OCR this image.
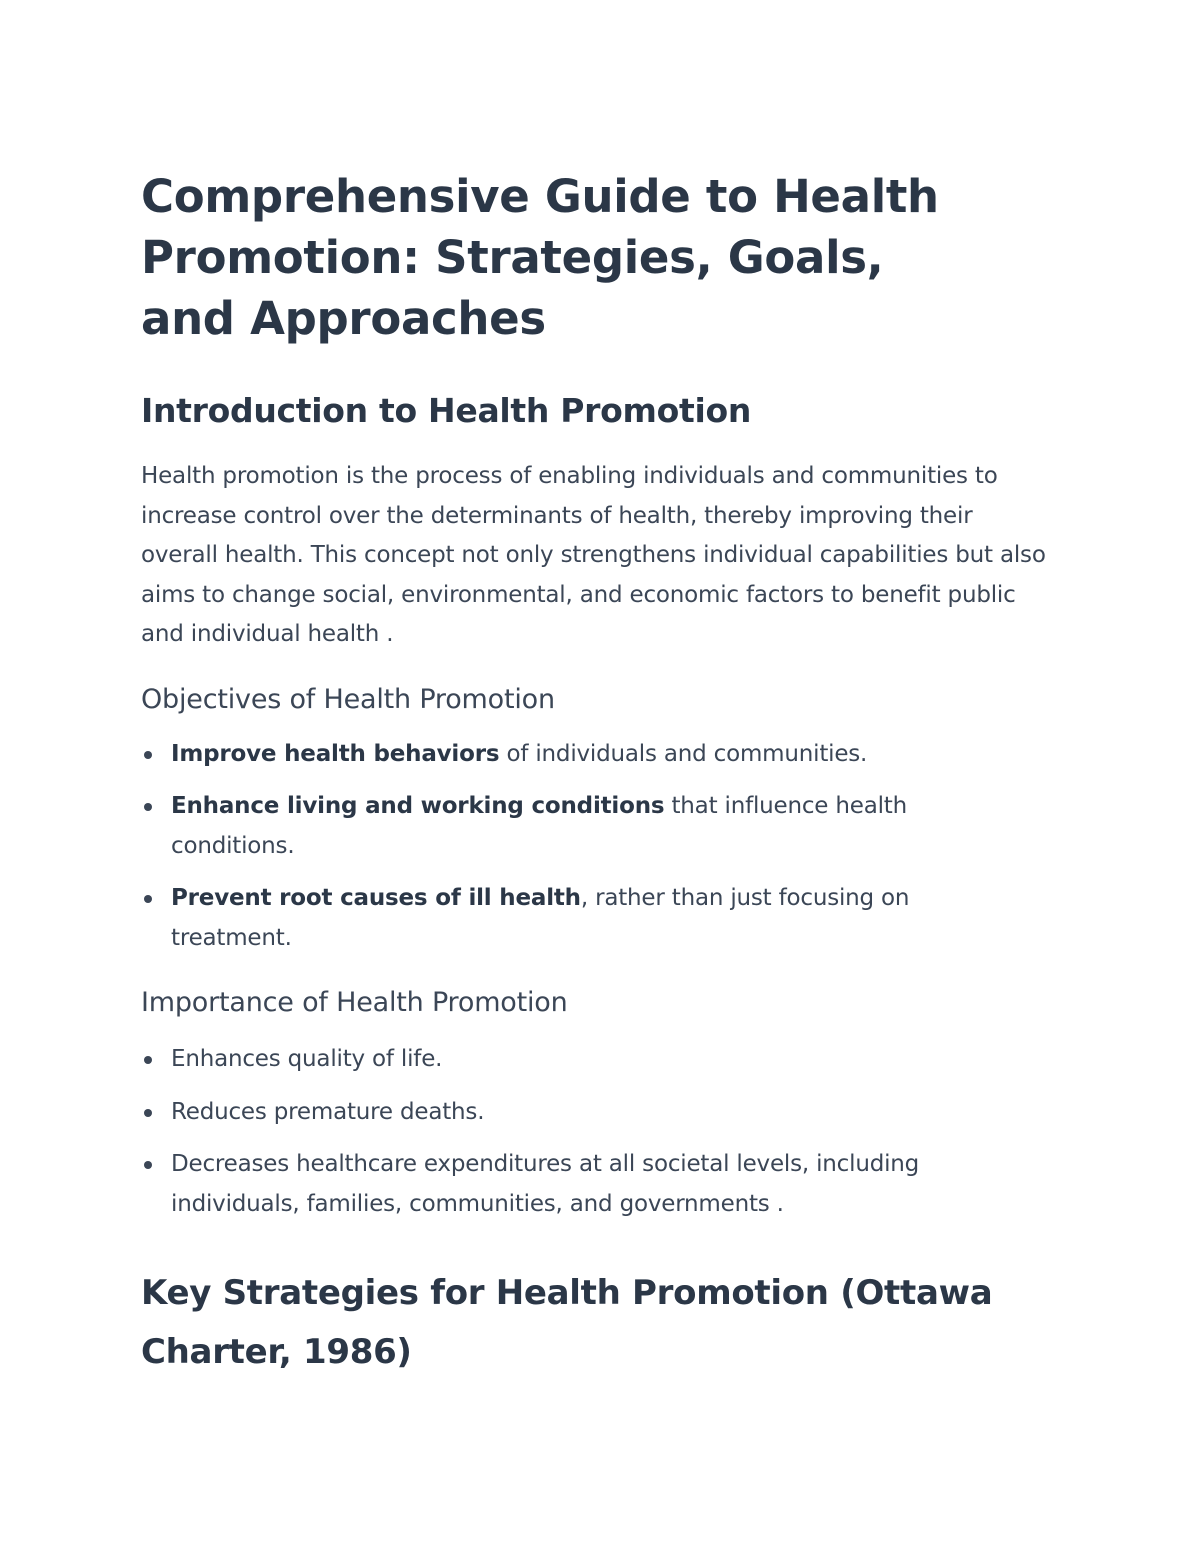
Comprehensive Guide to Health Promotion: Strategies, Goals, and Approaches
Introduction to Health Promotion

Health promotion is the process of enabling individuals and communities to increase control over the determinants of health, thereby improving their overall health. This concept not only strengthens individual capabilities but also aims to change social, environmental, and economic factors to benefit public and individual health .

Objectives of Health Promotion
Improve health behaviors of individuals and communities.
Enhance living and working conditions that influence health conditions.
Prevent root causes of ill health, rather than just focusing on treatment.
Importance of Health Promotion
Enhances quality of life.
Reduces premature deaths.
Decreases healthcare expenditures at all societal levels, including individuals, families, communities, and governments .
Key Strategies for Health Promotion (Ottawa Charter, 1986)
